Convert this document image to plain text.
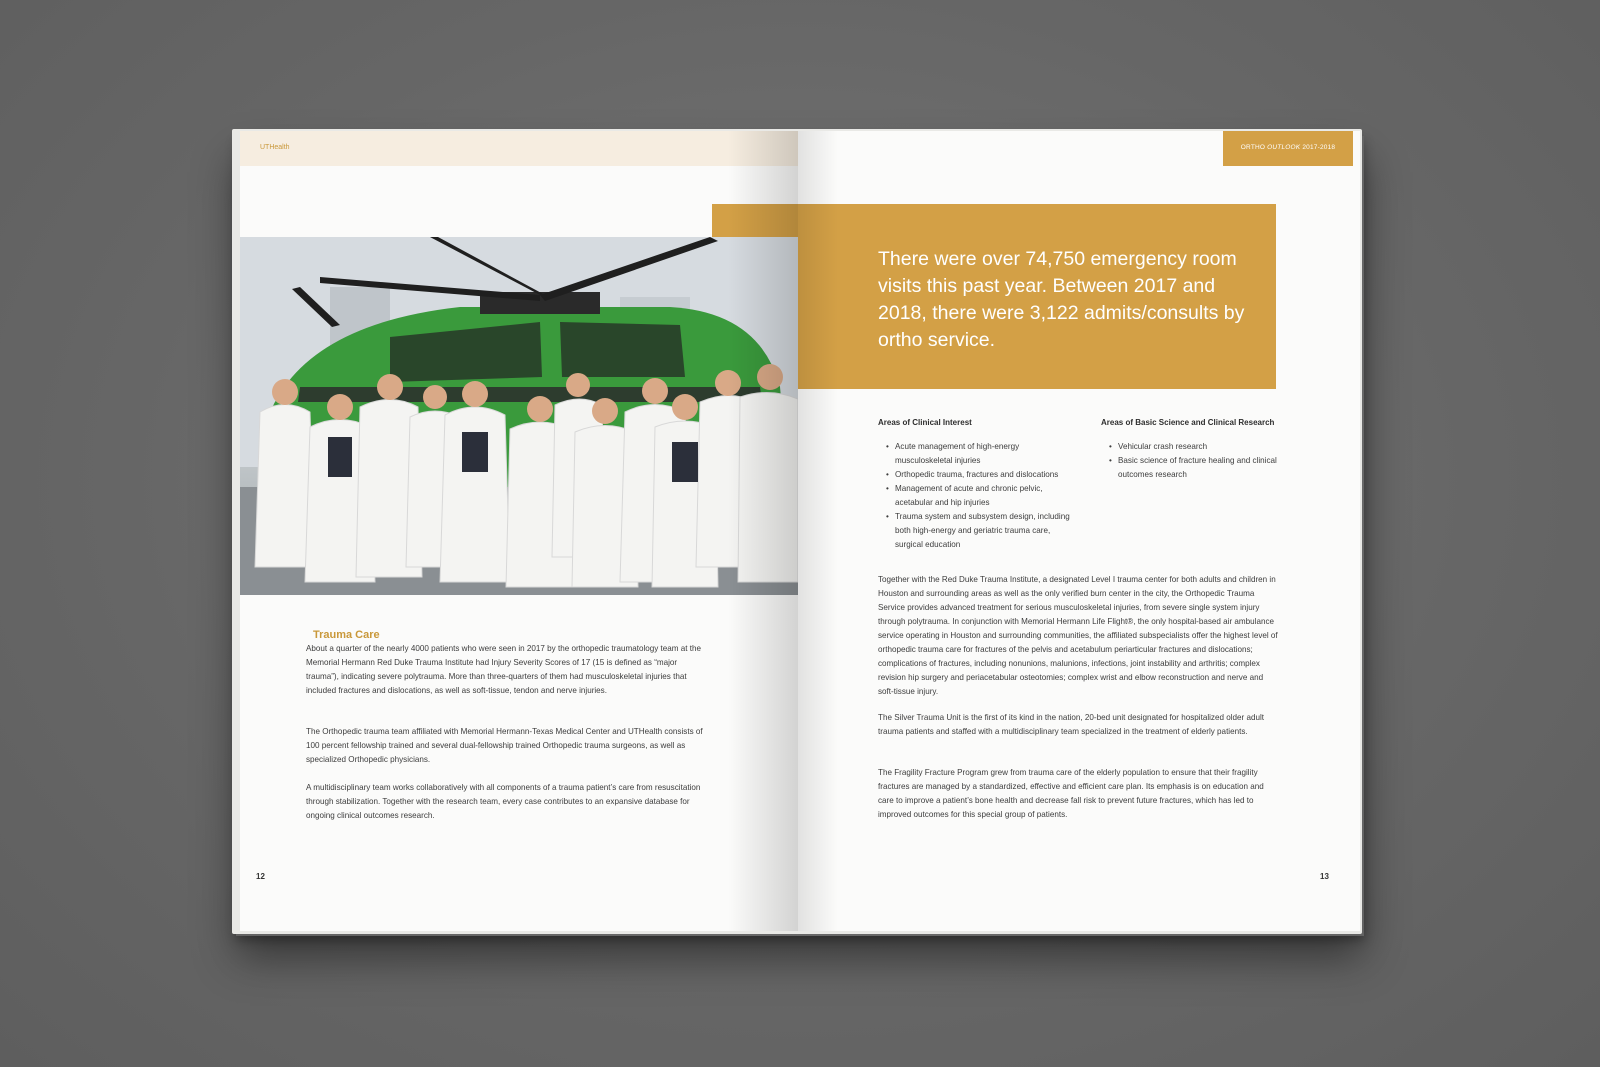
UTHealth
Trauma Care

About a quarter of the nearly 4000 patients who were seen in 2017 by the orthopedic traumatology team at the Memorial Hermann Red Duke Trauma Institute had Injury Severity Scores of 17 (15 is defined as “major trauma”), indicating severe polytrauma. More than three-quarters of them had musculoskeletal injuries that included fractures and dislocations, as well as soft-tissue, tendon and nerve injuries.

The Orthopedic trauma team affiliated with Memorial Hermann-Texas Medical Center and UTHealth consists of 100 percent fellowship trained and several dual-fellowship trained Orthopedic trauma surgeons, as well as specialized Orthopedic physicians.

A multidisciplinary team works collaboratively with all components of a trauma patient’s care from resuscitation through stabilization. Together with the research team, every case contributes to an expansive database for ongoing clinical outcomes research.

12
ORTHO OUTLOOK 2017-2018

There were over 74,750 emergency room visits this past year. Between 2017 and 2018, there were 3,122 admits/consults by ortho service.

Areas of Clinical Interest
• Acute management of high-energy musculoskeletal injuries
• Orthopedic trauma, fractures and dislocations
• Management of acute and chronic pelvic, acetabular and hip injuries
• Trauma system and subsystem design, including both high-energy and geriatric trauma care, surgical education
Areas of Basic Science and Clinical Research
• Vehicular crash research
• Basic science of fracture healing and clinical outcomes research

Together with the Red Duke Trauma Institute, a designated Level I trauma center for both adults and children in Houston and surrounding areas as well as the only verified burn center in the city, the Orthopedic Trauma Service provides advanced treatment for serious musculoskeletal injuries, from severe single system injury through polytrauma. In conjunction with Memorial Hermann Life Flight®, the only hospital-based air ambulance service operating in Houston and surrounding communities, the affiliated subspecialists offer the highest level of orthopedic trauma care for fractures of the pelvis and acetabulum periarticular fractures and dislocations; complications of fractures, including nonunions, malunions, infections, joint instability and arthritis; complex revision hip surgery and periacetabular osteotomies; complex wrist and elbow reconstruction and nerve and soft-tissue injury.

The Silver Trauma Unit is the first of its kind in the nation, 20-bed unit designated for hospitalized older adult trauma patients and staffed with a multidisciplinary team specialized in the treatment of elderly patients.

The Fragility Fracture Program grew from trauma care of the elderly population to ensure that their fragility fractures are managed by a standardized, effective and efficient care plan. Its emphasis is on education and care to improve a patient’s bone health and decrease fall risk to prevent future fractures, which has led to improved outcomes for this special group of patients.

13
